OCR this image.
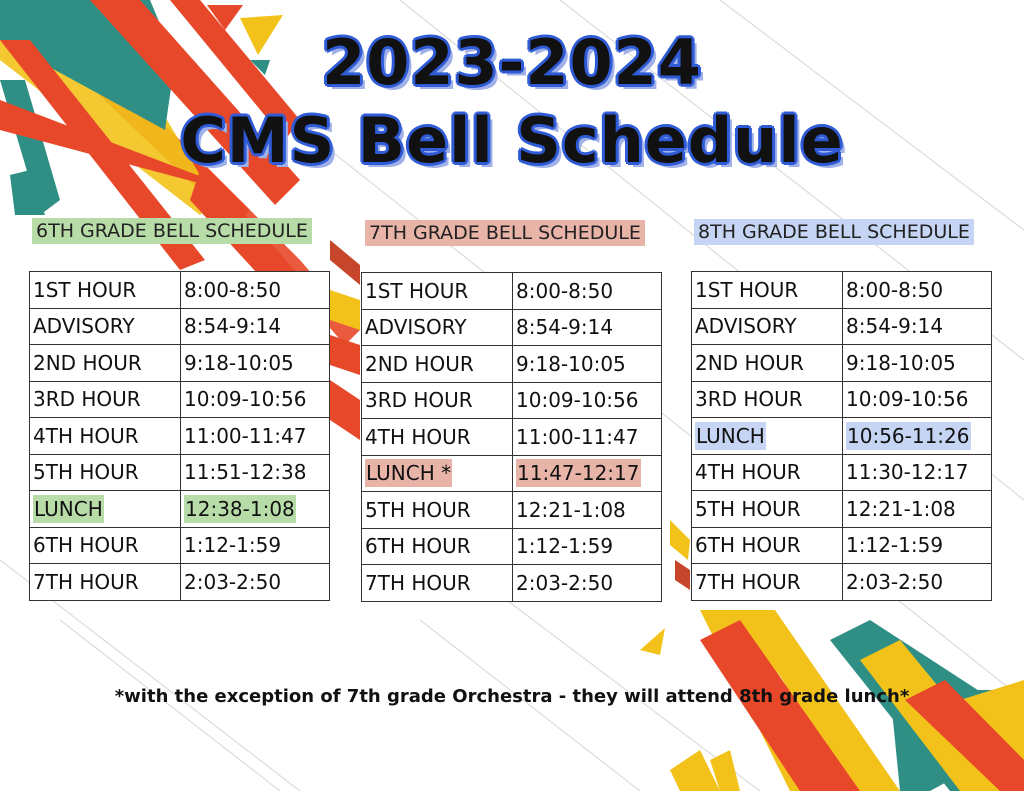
2023-2024
CMS Bell Schedule
6TH GRADE BELL SCHEDULE	7TH GRADE BELL SCHEDULE	8TH GRADE BELL SCHEDULE
1ST HOUR	8:00-8:50
ADVISORY	8:54-9:14
2ND HOUR	9:18-10:05
3RD HOUR	10:09-10:56
4TH HOUR	11:00-11:47
5TH HOUR	11:51-12:38
LUNCH	12:38-1:08
6TH HOUR	1:12-1:59
7TH HOUR	2:03-2:50
1ST HOUR	8:00-8:50
ADVISORY	8:54-9:14
2ND HOUR	9:18-10:05
3RD HOUR	10:09-10:56
4TH HOUR	11:00-11:47
LUNCH *	11:47-12:17
5TH HOUR	12:21-1:08
6TH HOUR	1:12-1:59
7TH HOUR	2:03-2:50
1ST HOUR	8:00-8:50
ADVISORY	8:54-9:14
2ND HOUR	9:18-10:05
3RD HOUR	10:09-10:56
LUNCH	10:56-11:26
4TH HOUR	11:30-12:17
5TH HOUR	12:21-1:08
6TH HOUR	1:12-1:59
7TH HOUR	2:03-2:50
*with the exception of 7th grade Orchestra - they will attend 8th grade lunch*
